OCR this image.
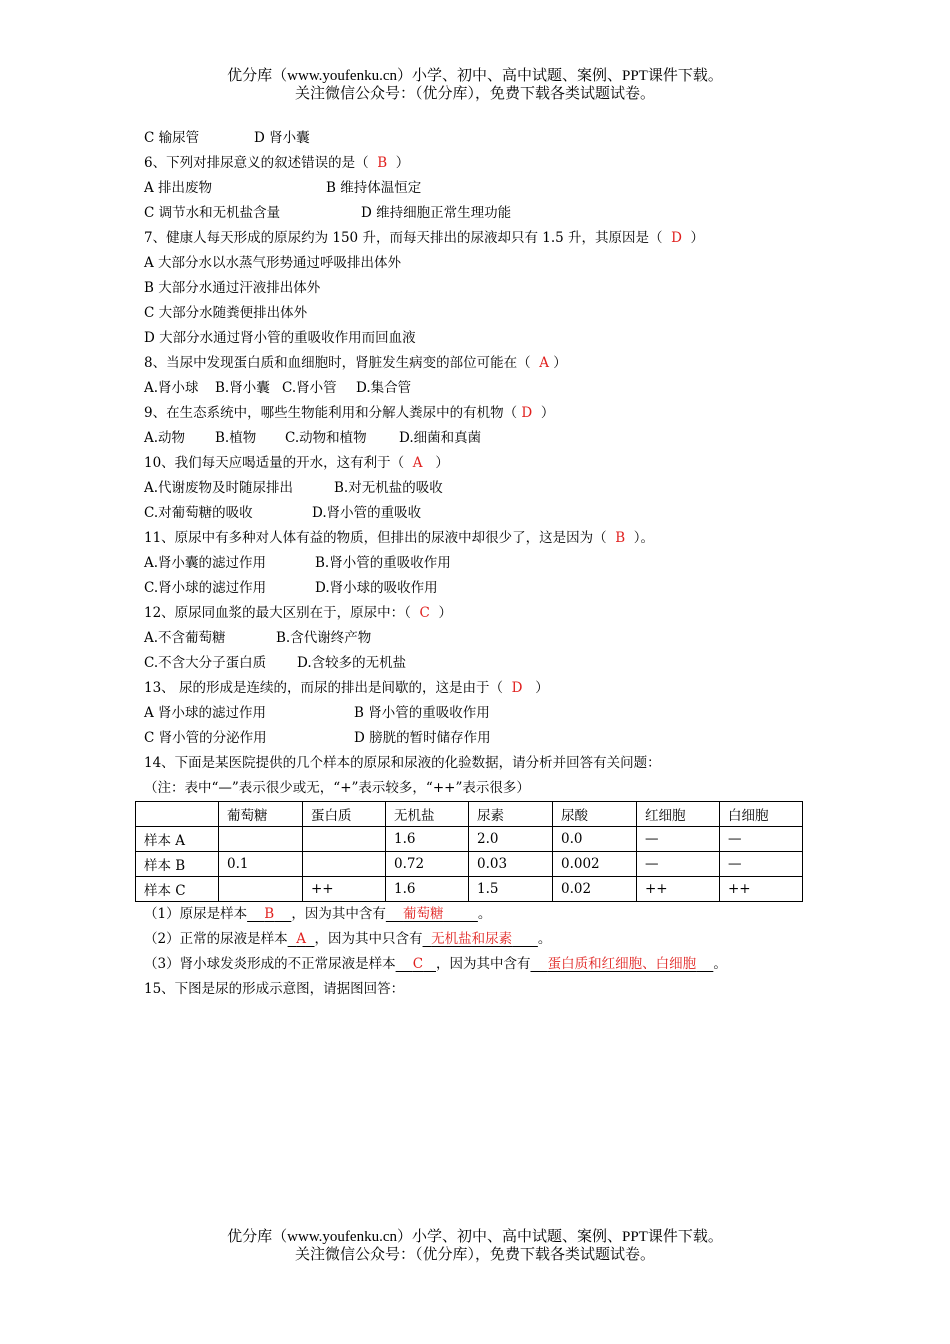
优分库（www.youfenku.cn）小学、初中、高中试题、案例、PPT课件下载。
关注微信公众号：（优分库），免费下载各类试题试卷。
C 输尿管	D 肾小囊
6、下列对排尿意义的叙述错误的是（ B ）
A 排出废物	B 维持体温恒定
C 调节水和无机盐含量	D 维持细胞正常生理功能
7、健康人每天形成的原尿约为 150 升，而每天排出的尿液却只有 1.5 升，其原因是（ D ）
A 大部分水以水蒸气形势通过呼吸排出体外
B 大部分水通过汗液排出体外
C 大部分水随粪便排出体外
D 大部分水通过肾小管的重吸收作用而回血液
8、当尿中发现蛋白质和血细胞时，肾脏发生病变的部位可能在（ A ）
A.肾小球 B.肾小囊 C.肾小管 D.集合管
9、在生态系统中，哪些生物能利用和分解人粪尿中的有机物（ D ）
A.动物 B.植物 C.动物和植物 D.细菌和真菌
10、我们每天应喝适量的开水，这有利于（ A ）
A.代谢废物及时随尿排出	B.对无机盐的吸收
C.对葡萄糖的吸收	D.肾小管的重吸收
11、原尿中有多种对人体有益的物质，但排出的尿液中却很少了，这是因为（ B ）。
A.肾小囊的滤过作用	B.肾小管的重吸收作用
C.肾小球的滤过作用	D.肾小球的吸收作用
12、原尿同血浆的最大区别在于，原尿中：（ C ）
A.不含葡萄糖	B.含代谢终产物
C.不含大分子蛋白质 D.含较多的无机盐
13、 尿的形成是连续的，而尿的排出是间歇的，这是由于（ D ）
A 肾小球的滤过作用	B 肾小管的重吸收作用
C 肾小管的分泌作用	D 膀胱的暂时储存作用
14、下面是某医院提供的几个样本的原尿和尿液的化验数据，请分析并回答有关问题：
（注：表中“—”表示很少或无，“+”表示较多，“++”表示很多）
	葡萄糖	蛋白质	无机盐	尿素	尿酸	红细胞	白细胞
样本 A			1.6	2.0	0.0	—	—
样本 B	0.1		0.72	0.03	0.002	—	—
样本 C		++	1.6	1.5	0.02	++	++
（1）原尿是样本 B ，因为其中含有 葡萄糖	。
（2）正常的尿液是样本 A ，因为其中只含有 无机盐和尿素 。
（3）肾小球发炎形成的不正常尿液是样本 C ，因为其中含有 蛋白质和红细胞、白细胞 。
15、下图是尿的形成示意图，请据图回答：
优分库（www.youfenku.cn）小学、初中、高中试题、案例、PPT课件下载。
关注微信公众号：（优分库），免费下载各类试题试卷。
